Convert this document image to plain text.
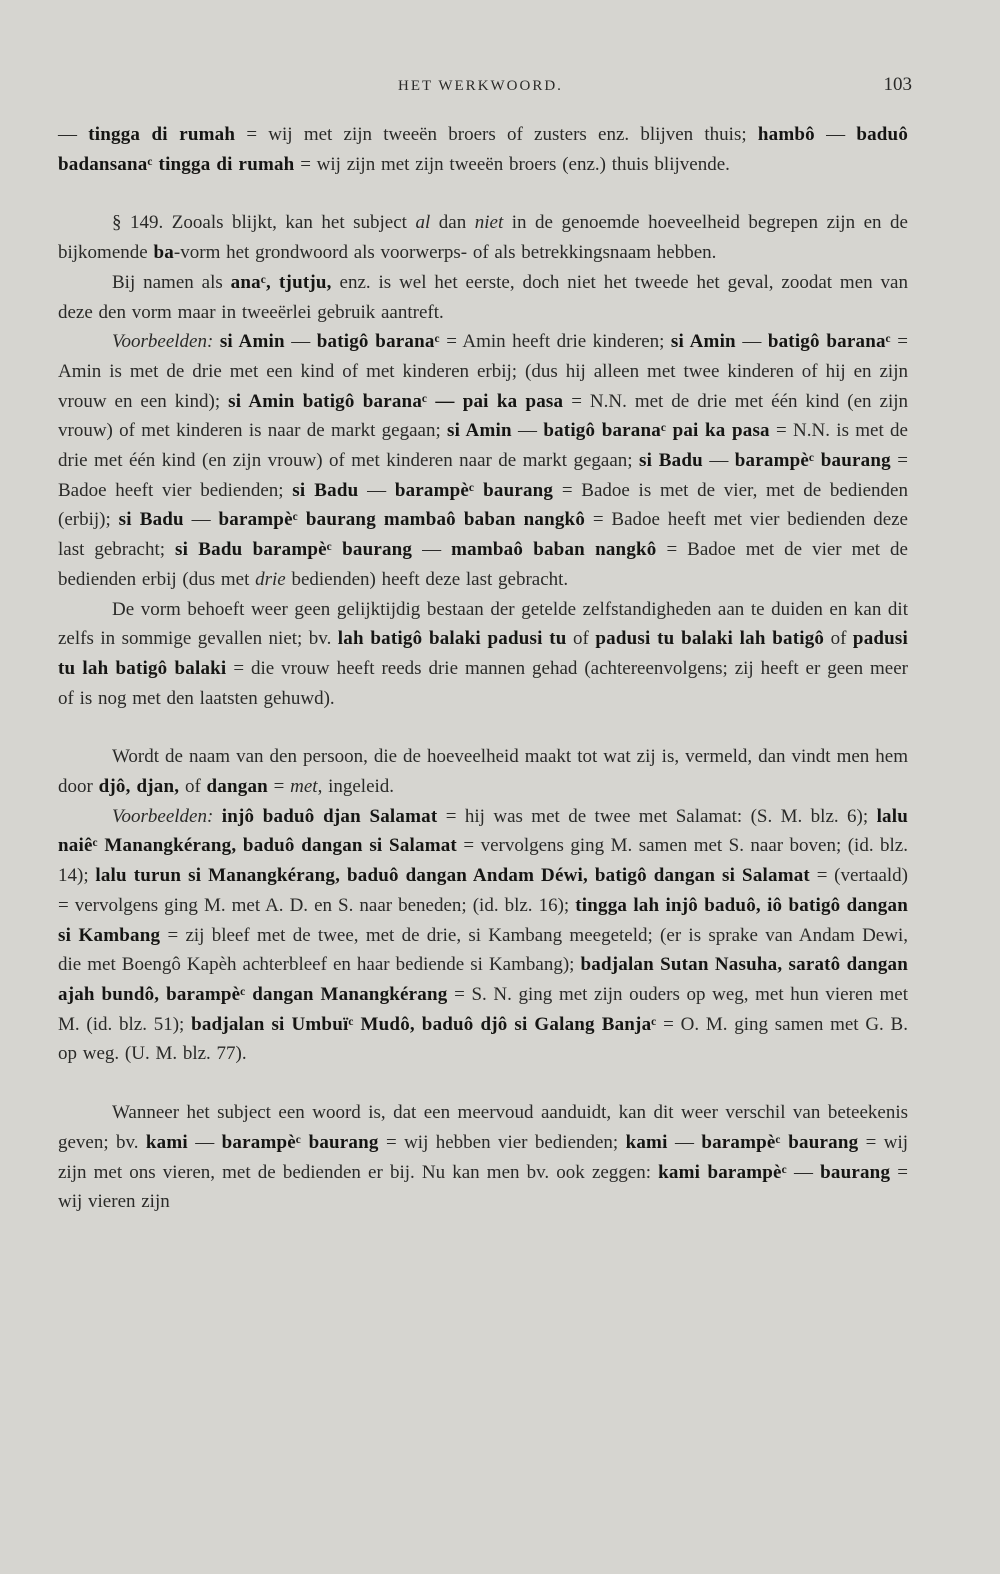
HET WERKWOORD.	103

— tingga di rumah = wij met zijn tweeën broers of zusters enz. blijven thuis; hambô — baduô badansanaᶜ tingga di rumah = wij zijn met zijn tweeën broers (enz.) thuis blijvende.

§ 149. Zooals blijkt, kan het subject al dan niet in de genoemde hoeveelheid begrepen zijn en de bijkomende ba-vorm het grondwoord als voorwerps- of als betrekkingsnaam hebben.

Bij namen als anaᶜ, tjutju, enz. is wel het eerste, doch niet het tweede het geval, zoodat men van deze den vorm maar in tweeërlei gebruik aantreft.

Voorbeelden: si Amin — batigô baranaᶜ = Amin heeft drie kinderen; si Amin — batigô baranaᶜ = Amin is met de drie met een kind of met kinderen erbij; (dus hij alleen met twee kinderen of hij en zijn vrouw en een kind); si Amin batigô baranaᶜ — pai ka pasa = N.N. met de drie met één kind (en zijn vrouw) of met kinderen is naar de markt gegaan; si Amin — batigô baranaᶜ pai ka pasa = N.N. is met de drie met één kind (en zijn vrouw) of met kinderen naar de markt gegaan; si Badu — barampèᶜ baurang = Badoe heeft vier bedienden; si Badu — barampèᶜ baurang = Badoe is met de vier, met de bedienden (erbij); si Badu — barampèᶜ baurang mambaô baban nangkô = Badoe heeft met vier bedienden deze last gebracht; si Badu barampèᶜ baurang — mambaô baban nangkô = Badoe met de vier met de bedienden erbij (dus met drie bedienden) heeft deze last gebracht.

De vorm behoeft weer geen gelijktijdig bestaan der getelde zelfstandigheden aan te duiden en kan dit zelfs in sommige gevallen niet; bv. lah batigô balaki padusi tu of padusi tu balaki lah batigô of padusi tu lah batigô balaki = die vrouw heeft reeds drie mannen gehad (achtereenvolgens; zij heeft er geen meer of is nog met den laatsten gehuwd).

Wordt de naam van den persoon, die de hoeveelheid maakt tot wat zij is, vermeld, dan vindt men hem door djô, djan, of dangan = met, ingeleid.

Voorbeelden: injô baduô djan Salamat = hij was met de twee met Salamat: (S. M. blz. 6); lalu naiêᶜ Manangkérang, baduô dangan si Salamat = vervolgens ging M. samen met S. naar boven; (id. blz. 14); lalu turun si Manangkérang, baduô dangan Andam Déwi, batigô dangan si Salamat = (vertaald) = vervolgens ging M. met A. D. en S. naar beneden; (id. blz. 16); tingga lah injô baduô, iô batigô dangan si Kambang = zij bleef met de twee, met de drie, si Kambang meegeteld; (er is sprake van Andam Dewi, die met Boengô Kapèh achterbleef en haar bediende si Kambang); badjalan Sutan Nasuha, saratô dangan ajah bundô, barampèᶜ dangan Manangkérang = S. N. ging met zijn ouders op weg, met hun vieren met M. (id. blz. 51); badjalan si Umbuïᶜ Mudô, baduô djô si Galang Banjaᶜ = O. M. ging samen met G. B. op weg. (U. M. blz. 77).

Wanneer het subject een woord is, dat een meervoud aanduidt, kan dit weer verschil van beteekenis geven; bv. kami — barampèᶜ baurang = wij hebben vier bedienden; kami — barampèᶜ baurang = wij zijn met ons vieren, met de bedienden er bij. Nu kan men bv. ook zeggen: kami barampèᶜ — baurang = wij vieren zijn
